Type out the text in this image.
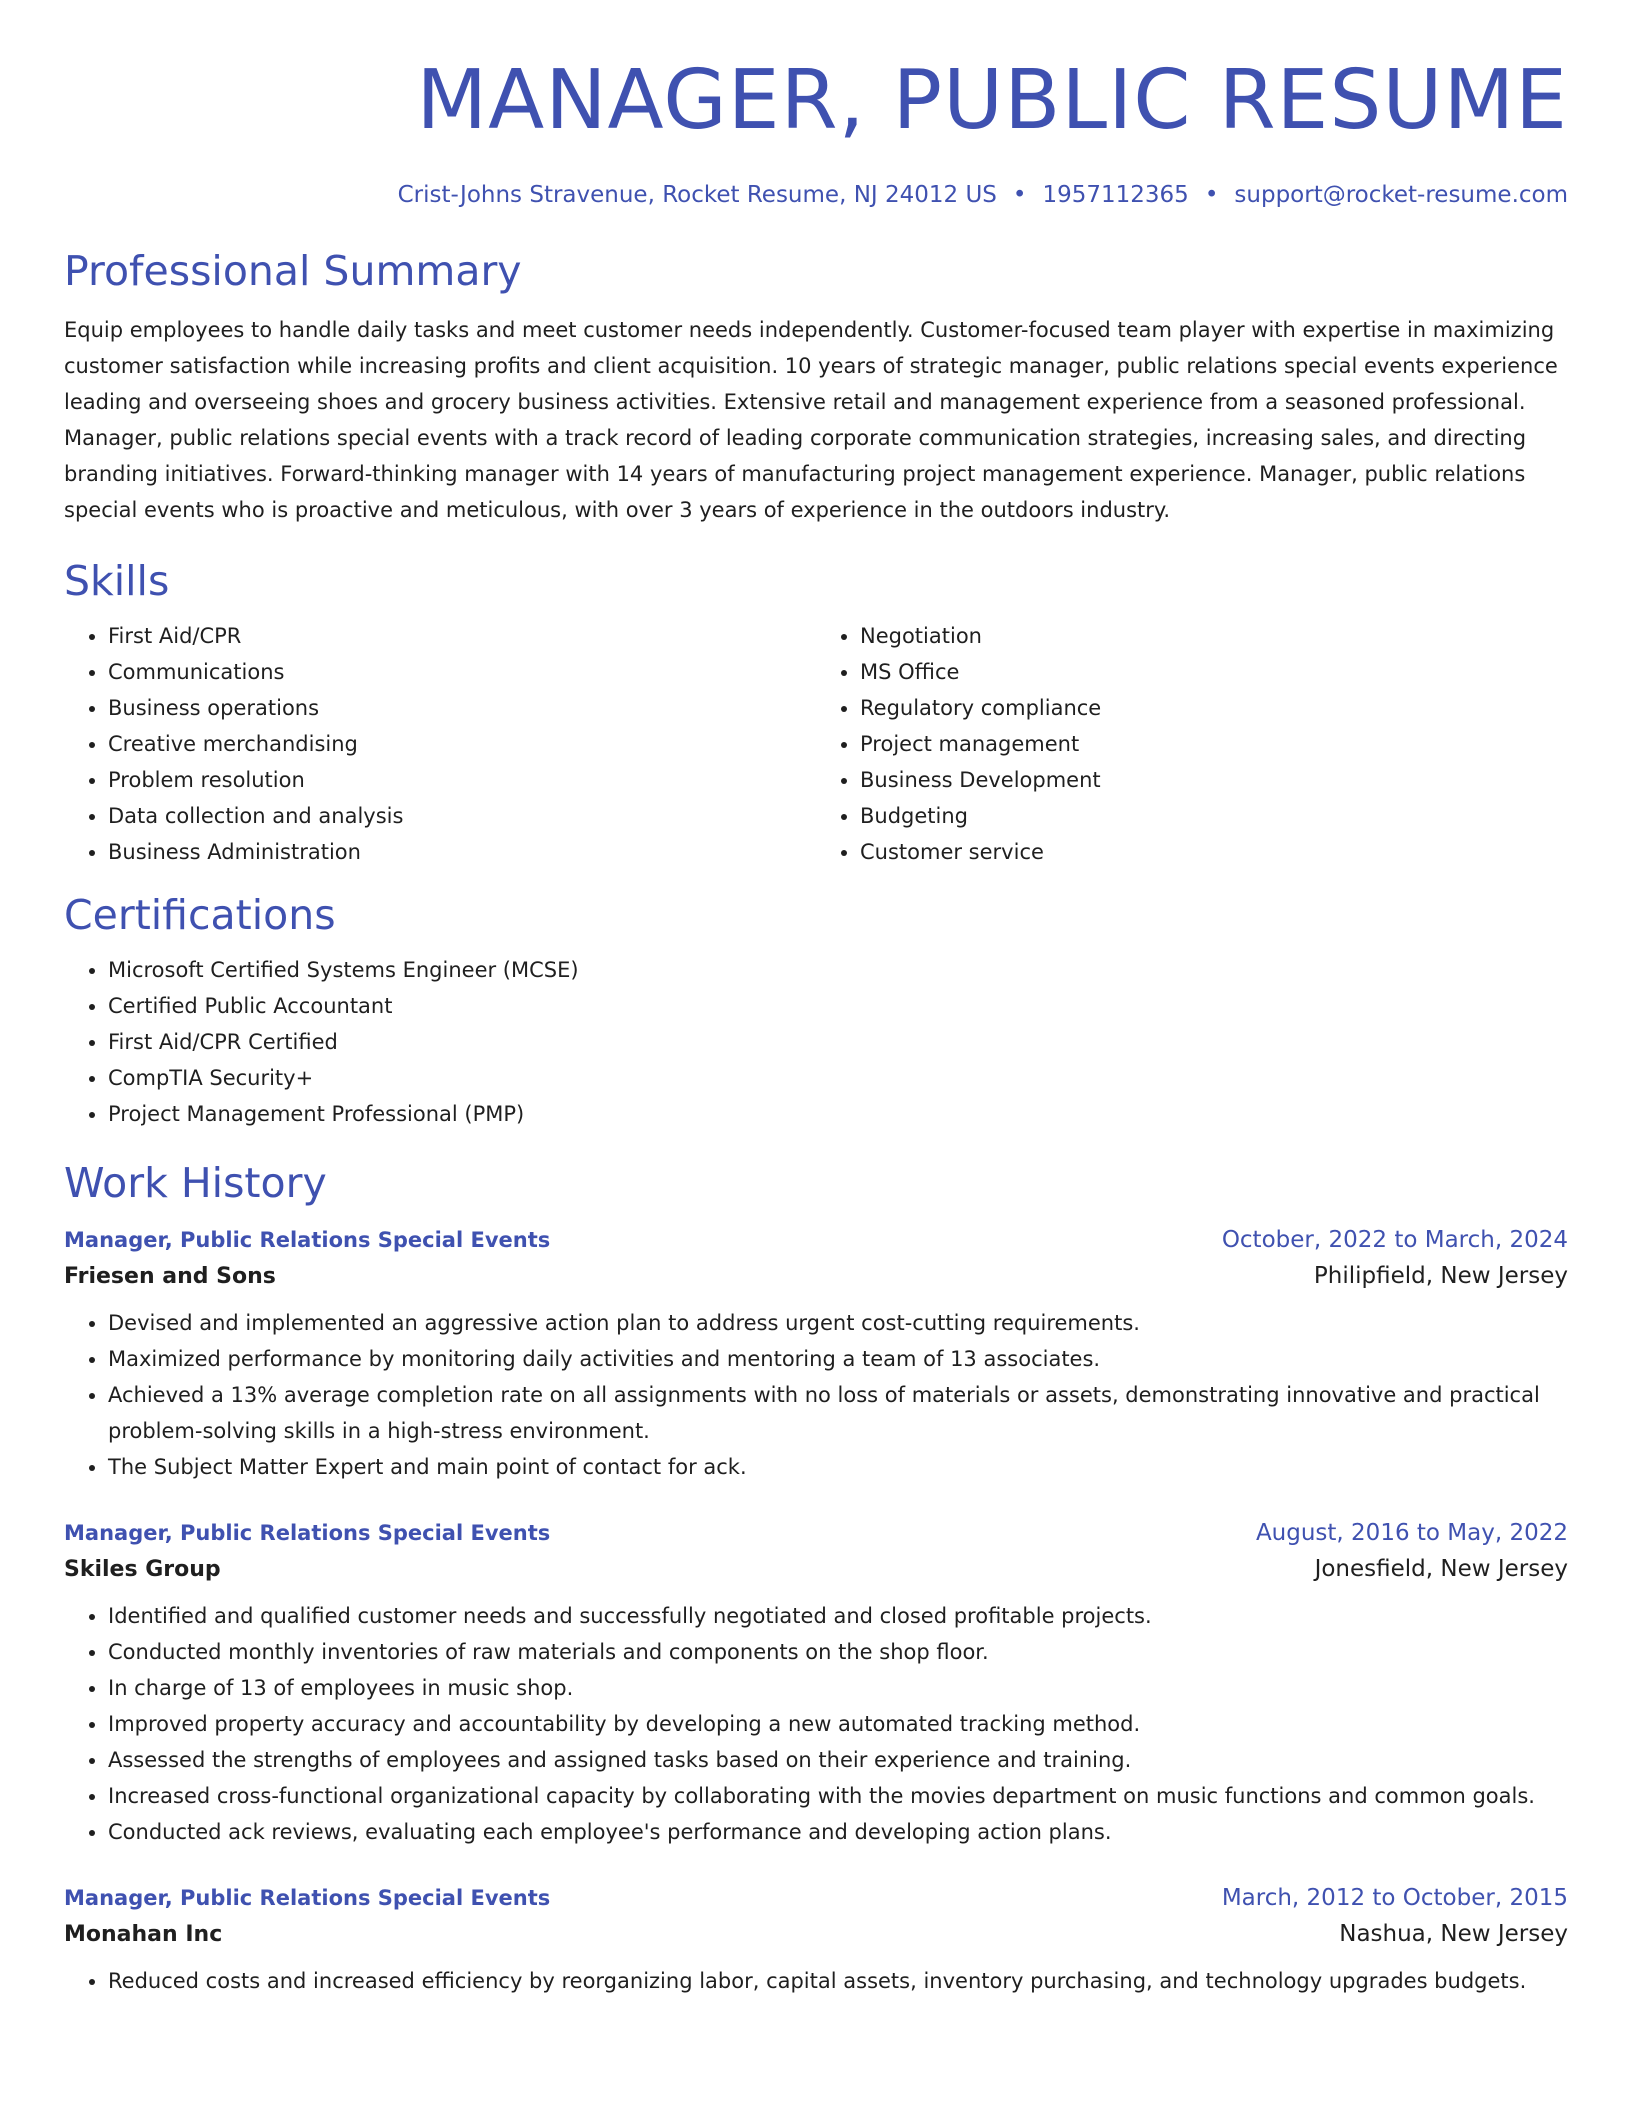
MANAGER, PUBLIC RESUME
Crist-Johns Stravenue, Rocket Resume, NJ 24012 US • 1957112365 • support@rocket-resume.com
Professional Summary
Equip employees to handle daily tasks and meet customer needs independently. Customer-focused team player with expertise in maximizing customer satisfaction while increasing profits and client acquisition. 10 years of strategic manager, public relations special events experience leading and overseeing shoes and grocery business activities. Extensive retail and management experience from a seasoned professional. Manager, public relations special events with a track record of leading corporate communication strategies, increasing sales, and directing branding initiatives. Forward-thinking manager with 14 years of manufacturing project management experience. Manager, public relations special events who is proactive and meticulous, with over 3 years of experience in the outdoors industry.
Skills
• First Aid/CPR
• Communications
• Business operations
• Creative merchandising
• Problem resolution
• Data collection and analysis
• Business Administration
• Negotiation
• MS Office
• Regulatory compliance
• Project management
• Business Development
• Budgeting
• Customer service
Certifications
• Microsoft Certified Systems Engineer (MCSE)
• Certified Public Accountant
• First Aid/CPR Certified
• CompTIA Security+
• Project Management Professional (PMP)
Work History
Manager, Public Relations Special Events	October, 2022 to March, 2024
Friesen and Sons	Philipfield, New Jersey
• Devised and implemented an aggressive action plan to address urgent cost-cutting requirements.
• Maximized performance by monitoring daily activities and mentoring a team of 13 associates.
• Achieved a 13% average completion rate on all assignments with no loss of materials or assets, demonstrating innovative and practical problem-solving skills in a high-stress environment.
• The Subject Matter Expert and main point of contact for ack.
Manager, Public Relations Special Events	August, 2016 to May, 2022
Skiles Group	Jonesfield, New Jersey
• Identified and qualified customer needs and successfully negotiated and closed profitable projects.
• Conducted monthly inventories of raw materials and components on the shop floor.
• In charge of 13 of employees in music shop.
• Improved property accuracy and accountability by developing a new automated tracking method.
• Assessed the strengths of employees and assigned tasks based on their experience and training.
• Increased cross-functional organizational capacity by collaborating with the movies department on music functions and common goals.
• Conducted ack reviews, evaluating each employee's performance and developing action plans.
Manager, Public Relations Special Events	March, 2012 to October, 2015
Monahan Inc	Nashua, New Jersey
• Reduced costs and increased efficiency by reorganizing labor, capital assets, inventory purchasing, and technology upgrades budgets.
